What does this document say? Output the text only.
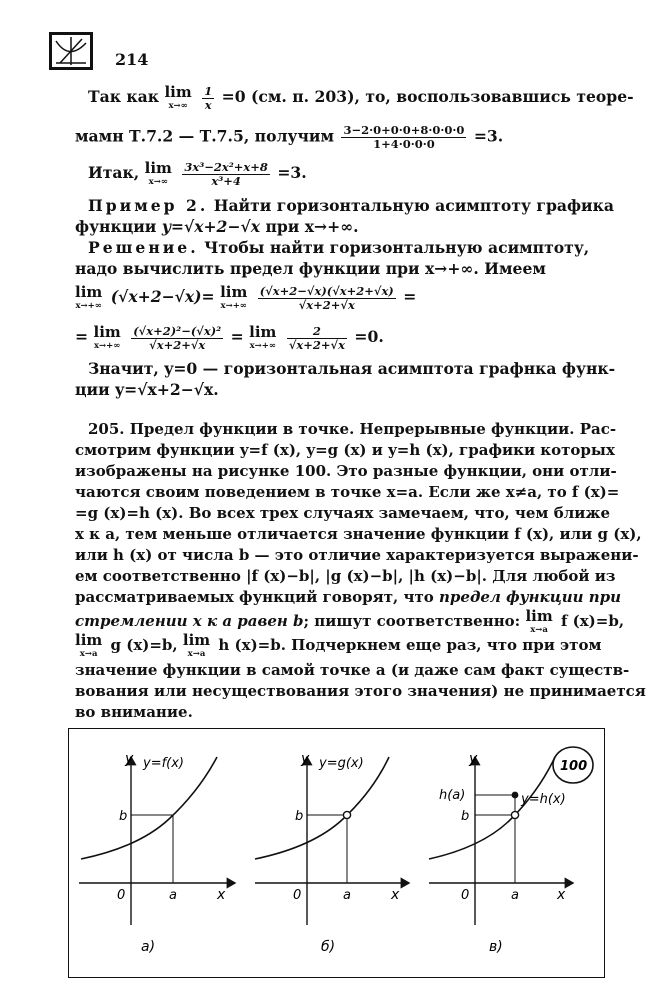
214
Так как lim
x→∞
	$\frac{1}{x} =0$ (см. п. 203), то, воспользовавшись теоре-
мамн Т.7.2 — Т.7.5, получим $\frac{3-2\cdot 0+0\cdot 0+8\cdot 0\cdot 0\cdot 0}{1+4\cdot 0\cdot 0\cdot 0} =3$.
Итак, lim
x→∞
	$\frac{\text{3x³−2x²+x+8}}{\text{x³+4}} =3$.
Пример 2. Найти горизонтальную асимптоту графика
функции y=√x+2−√x при x→+∞.
Решение. Чтобы найти горизонтальную асимптоту,
надо вычислить предел функции при x→+∞. Имеем
lim
x→+∞ (√x+2−√x)= lim
x→+∞
$\frac{(√x+2-√x)(√x+2+√x)}{√x+2+√x}$ =
= lim
x→+∞
$\frac{\text{(√x+2)²−(√x)²}}{√x+2+√x} = \lim$
x→+∞
$\frac{2}{√x+2+√x} =0$.
Значит, y=0 — горизонтальная асимптота графнка функ-
ции y=√x+2−√x.
205. Предел функции в точке. Непрерывные функции. Рас-
смотрим функции y=f (x), y=g (x) и y=h (x), графики которых
изображены на рисунке 100. Это разные функции, они отли-
чаются своим поведением в точке x=a. Если же x≠a, то f (x)=
=g (x)=h (x). Во всех трех случаях замечаем, что, чем ближе
x к a, тем меньше отличается значение функции f (x), или g (x),
или h (x) от числа b — это отличие характеризуется выражени-
ем соответственно |f (x)−b|, |g (x)−b|, |h (x)−b|. Для любой из
рассматриваемых функций говорят, что предел функции при
стремлении x к a равен b; пишут соответственно: lim
x→a f (x)=b,
lim
x→a g (x)=b, lim
x→a h (x)=b. Подчеркнем еще раз, что при этом
значение функции в самой точке a (и даже сам факт существ-
вования или несуществования этого значения) не принимается
во внимание.
y y=f(x)
b
0	a	x
а)
y y=g(x)
b
0	a	x
б)
y
y=h(x)
h(a)
b
0	a	x
в)
100
